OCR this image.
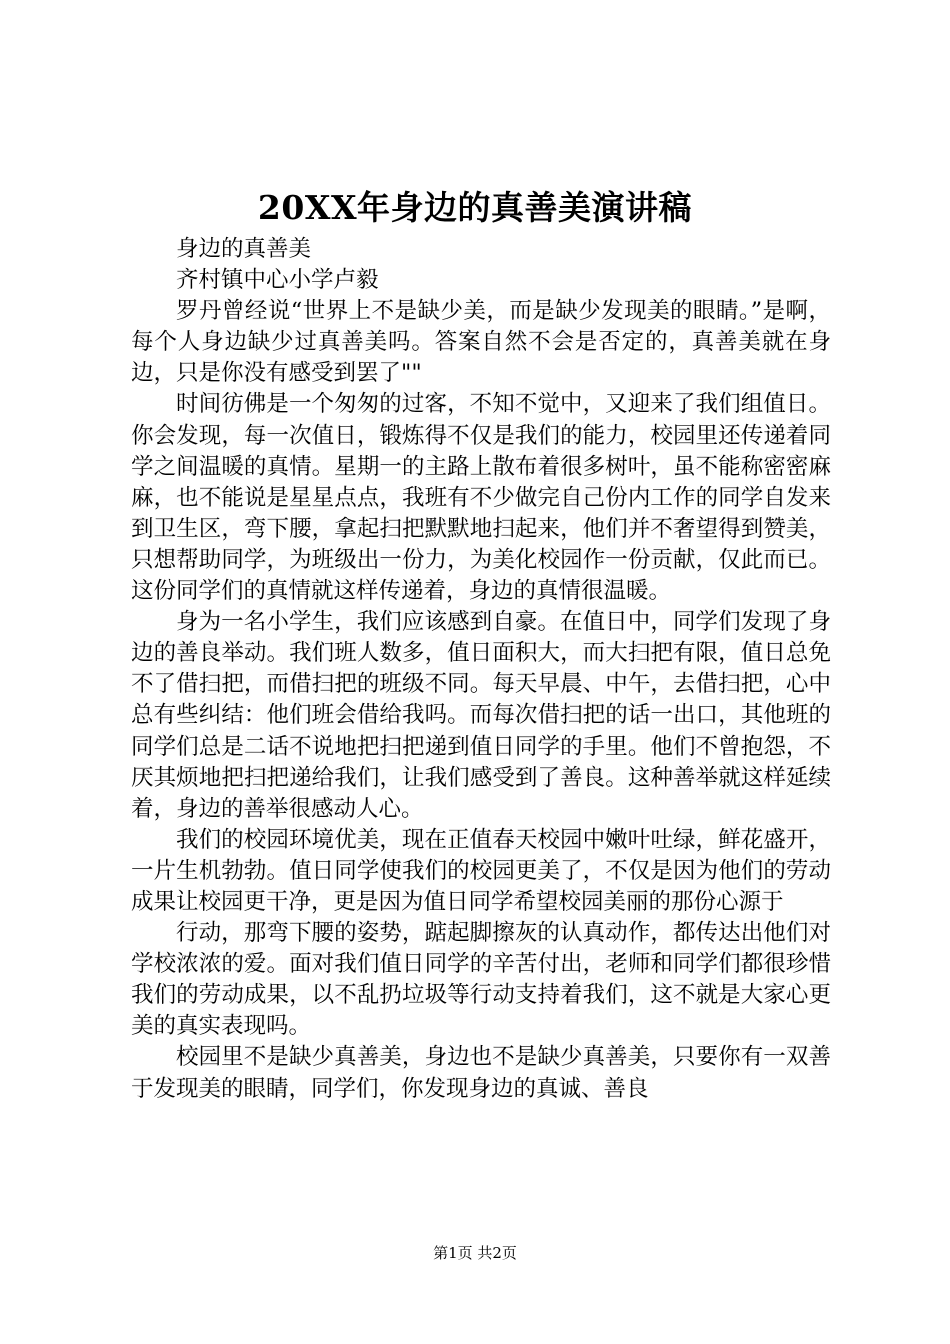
20XX年身边的真善美演讲稿

身边的真善美

齐村镇中心小学卢毅

罗丹曾经说“世界上不是缺少美，而是缺少发现美的眼睛。”是啊，每个人身边缺少过真善美吗。答案自然不会是否定的，真善美就在身边，只是你没有感受到罢了""

时间彷佛是一个匆匆的过客，不知不觉中，又迎来了我们组值日。你会发现，每一次值日，锻炼得不仅是我们的能力，校园里还传递着同学之间温暖的真情。星期一的主路上散布着很多树叶，虽不能称密密麻麻，也不能说是星星点点，我班有不少做完自己份内工作的同学自发来到卫生区，弯下腰，拿起扫把默默地扫起来，他们并不奢望得到赞美，只想帮助同学，为班级出一份力，为美化校园作一份贡献，仅此而已。这份同学们的真情就这样传递着，身边的真情很温暖。

身为一名小学生，我们应该感到自豪。在值日中，同学们发现了身边的善良举动。我们班人数多，值日面积大，而大扫把有限，值日总免不了借扫把，而借扫把的班级不同。每天早晨、中午，去借扫把，心中总有些纠结：他们班会借给我吗。而每次借扫把的话一出口，其他班的同学们总是二话不说地把扫把递到值日同学的手里。他们不曾抱怨，不厌其烦地把扫把递给我们，让我们感受到了善良。这种善举就这样延续着，身边的善举很感动人心。

我们的校园环境优美，现在正值春天校园中嫩叶吐绿，鲜花盛开，一片生机勃勃。值日同学使我们的校园更美了，不仅是因为他们的劳动成果让校园更干净，更是因为值日同学希望校园美丽的那份心源于

行动，那弯下腰的姿势，踮起脚擦灰的认真动作，都传达出他们对学校浓浓的爱。面对我们值日同学的辛苦付出，老师和同学们都很珍惜我们的劳动成果，以不乱扔垃圾等行动支持着我们，这不就是大家心更美的真实表现吗。

校园里不是缺少真善美，身边也不是缺少真善美，只要你有一双善于发现美的眼睛，同学们，你发现身边的真诚、善良

第1页 共2页
